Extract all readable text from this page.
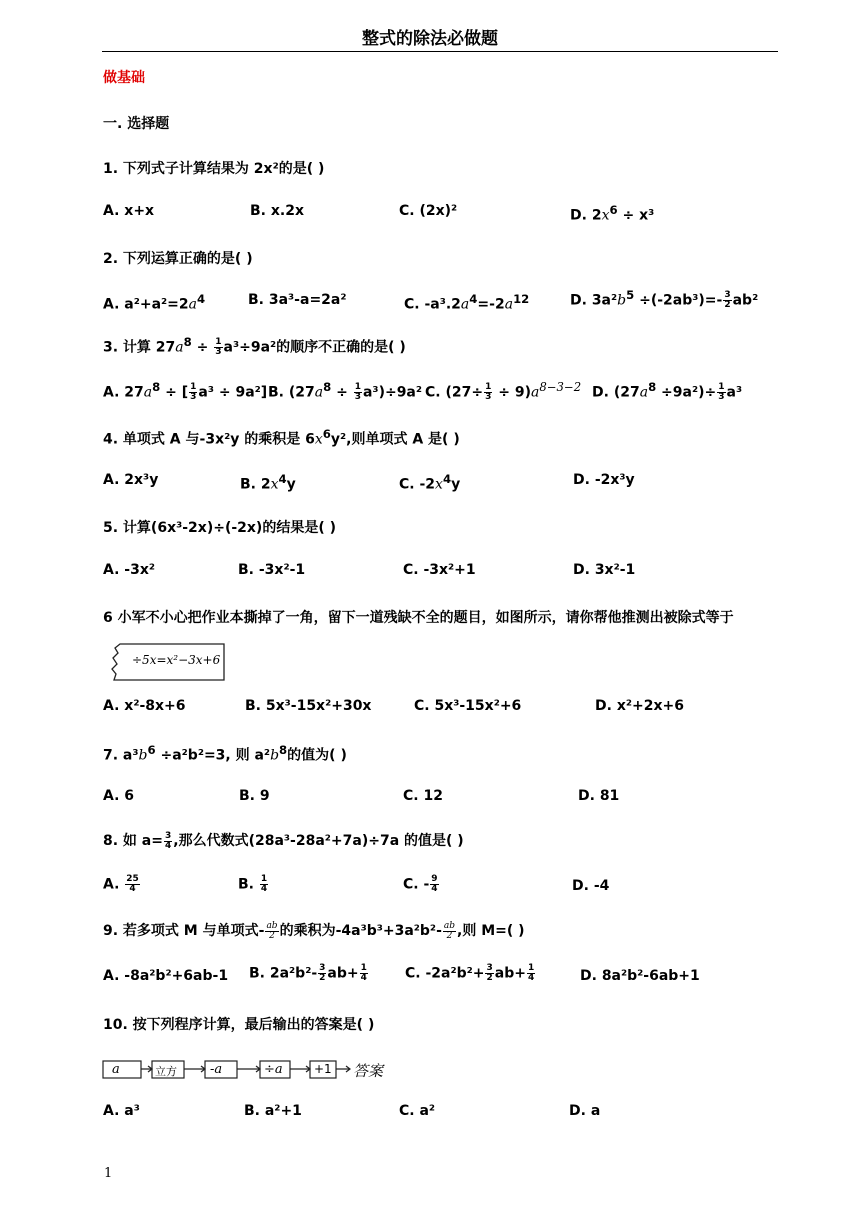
整式的除法必做题
做基础
一. 选择题
1. 下列式子计算结果为 2x²的是( )
A. x+x	B. x.2x	C. (2x)²	D. $2x^6 \div x^3$
2. 下列运算正确的是( )
A. $a^2+a^2=2a^4$	B. 3a³-a=2a²	C. $-a^3.2a^4=-2a^{12}$	D. $3a^2b^5 \div(-2ab^3)=- \frac{3}{2} ab^2$
3. 计算 $27a^8 \div \frac{1}{3} a^3\div 9a^2$的顺序不正确的是( )
A. $27a^8$ ÷ [ $\frac{1}{3} a^3 \div 9a^2$] B. $(27a^8 \div \frac{1}{3} a^3)\div 9a^2$ C. $(27\div \frac{1}{3} \div 9)a^{8-3-2}$ D. $(27a^8 \div 9a^2)\div \frac{1}{3} a^3$
4. 单项式 A 与-3x²y 的乘积是 $6x^6y^2$,则单项式 A 是( )
A. 2x³y	B. $2x^4y$	C. $-2x^4y$	D. -2x³y
5. 计算(6x³-2x)÷(-2x)的结果是( )
A. -3x²	B. -3x²-1	C. -3x²+1	D. 3x²-1
6 小军不小心把作业本撕掉了一角，留下一道残缺不全的题目，如图所示，请你帮他推测出被除式等于
÷5x=x²−3x+6
A. x²-8x+6	B. 5x³-15x²+30x	C. 5x³-15x²+6	D. x²+2x+6
7. $a^3b^6 \div a^2b^2=3$, 则 $a^2b^8$的值为( )
A. 6	B. 9	C. 12	D. 81
8. 如 $a= \frac{3}{4}$ ,那么代数式(28a³-28a²+7a)÷7a 的值是( )
A. $\frac{25}{4}$	B. $\frac{1}{4}$	C. - $\frac{9}{4}$	D. -4
9. 若多项式 M 与单项式- $\frac{ab}{2}$ 的乘积为$-4a^3b^3+3a^2b^2- \frac{ab}{2}$ ,则 M=( )
A. -8a²b²+6ab-1 B. $2a^2b^2- \frac{3}{2} ab+ \frac{1}{4}$	C. $-2a^2b^2+ \frac{3}{2} ab+ \frac{1}{4}$	D. 8a²b²-6ab+1
10. 按下列程序计算，最后输出的答案是( )
a	立方	-a	÷a	+1 答案
A. a³	B. a²+1	C. a²	D. a
1
